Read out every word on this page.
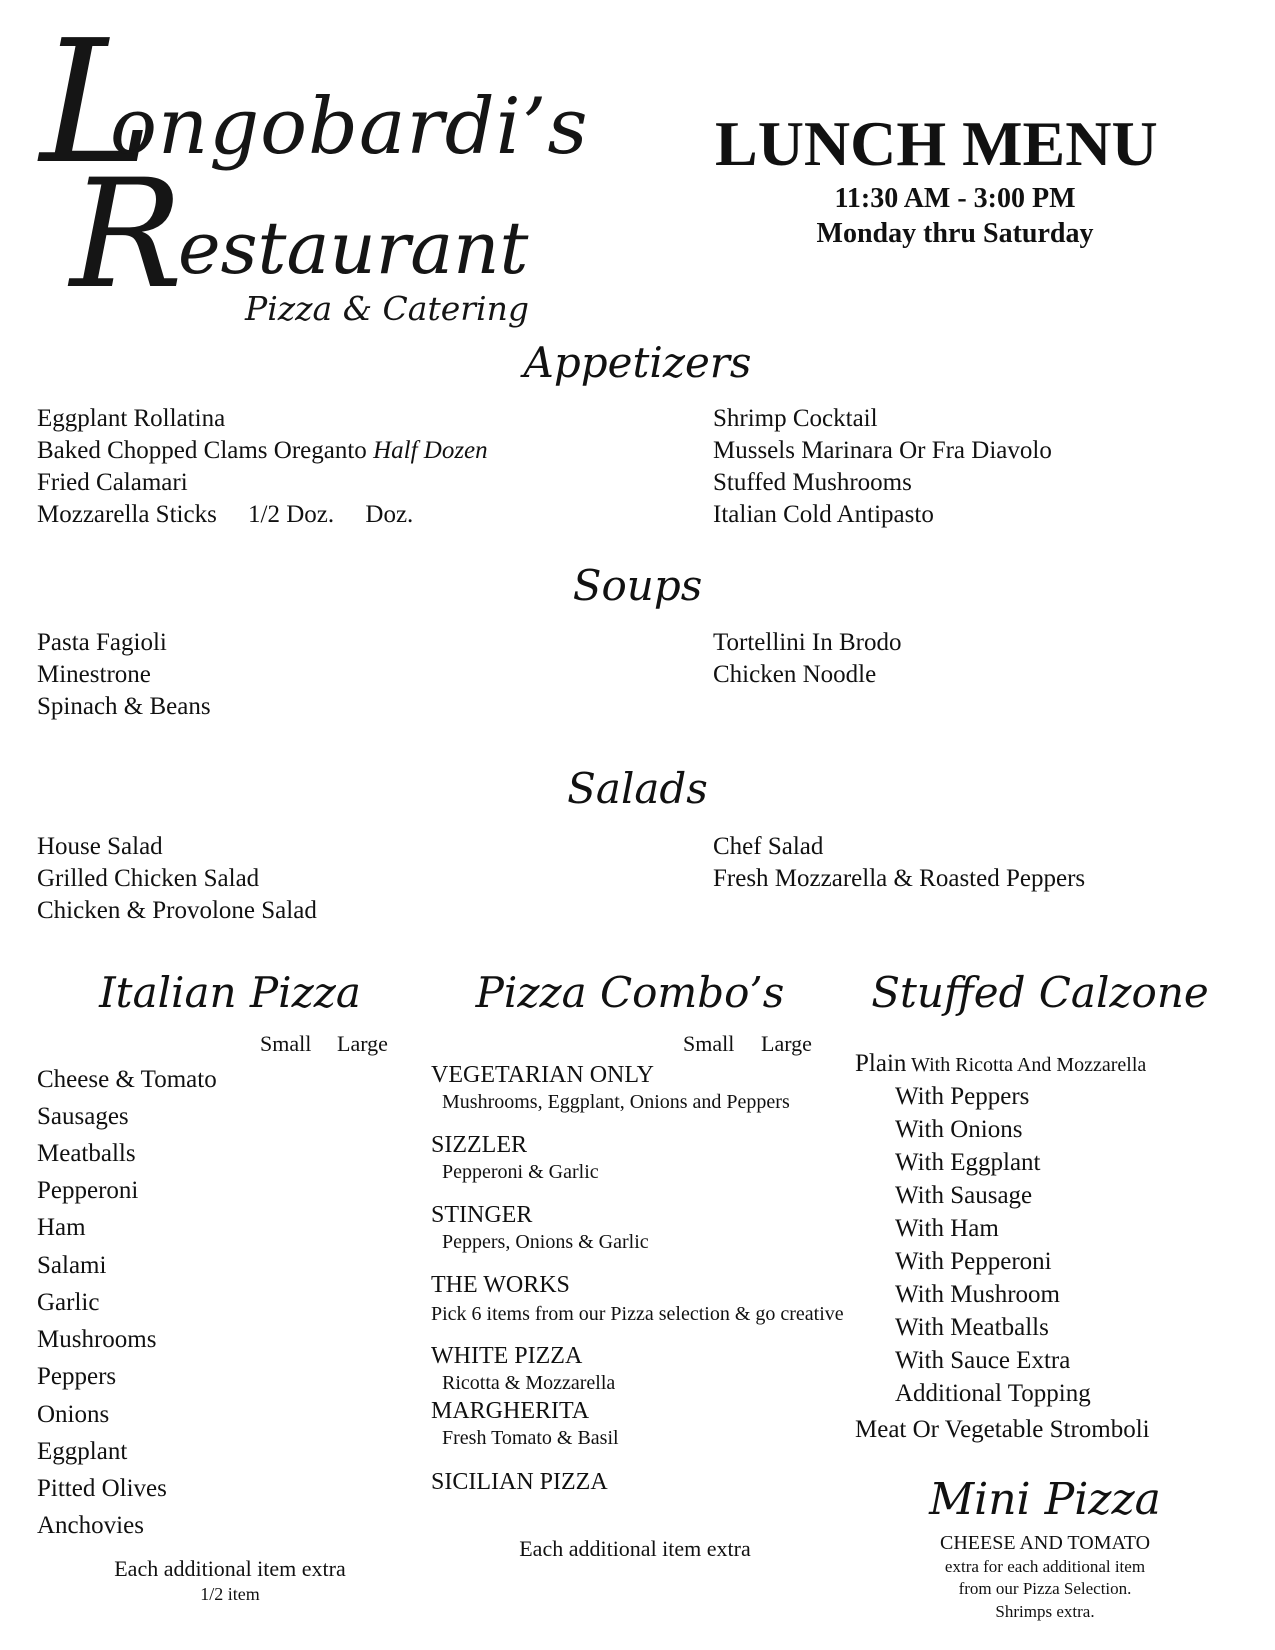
L
ongobardi’s
R
estaurant
Pizza & Catering
LUNCH MENU
11:30 AM - 3:00 PM
Monday thru Saturday
Appetizers
Eggplant Rollatina
Baked Chopped Clams Oreganto Half Dozen
Fried Calamari
Mozzarella Sticks  1/2 Doz.  Doz.
Shrimp Cocktail
Mussels Marinara Or Fra Diavolo
Stuffed Mushrooms
Italian Cold Antipasto
Soups
Pasta Fagioli
Minestrone
Spinach & Beans
Tortellini In Brodo
Chicken Noodle
Salads
House Salad
Grilled Chicken Salad
Chicken & Provolone Salad
Chef Salad
Fresh Mozzarella & Roasted Peppers
Italian Pizza
Small Large
Cheese & Tomato
Sausages
Meatballs
Pepperoni
Ham
Salami
Garlic
Mushrooms
Peppers
Onions
Eggplant
Pitted Olives
Anchovies
Each additional item extra
1/2 item
Pizza Combo’s
Small Large
VEGETARIAN ONLY
Mushrooms, Eggplant, Onions and Peppers
SIZZLER
Pepperoni & Garlic
STINGER
Peppers, Onions & Garlic
THE WORKS
Pick 6 items from our Pizza selection & go creative
WHITE PIZZA
Ricotta & Mozzarella
MARGHERITA
Fresh Tomato & Basil
SICILIAN PIZZA
Each additional item extra
Stuffed Calzone
Plain With Ricotta And Mozzarella
With Peppers
With Onions
With Eggplant
With Sausage
With Ham
With Pepperoni
With Mushroom
With Meatballs
With Sauce Extra
Additional Topping
Meat Or Vegetable Stromboli
Mini Pizza
CHEESE AND TOMATO
extra for each additional item
from our Pizza Selection.
Shrimps extra.
